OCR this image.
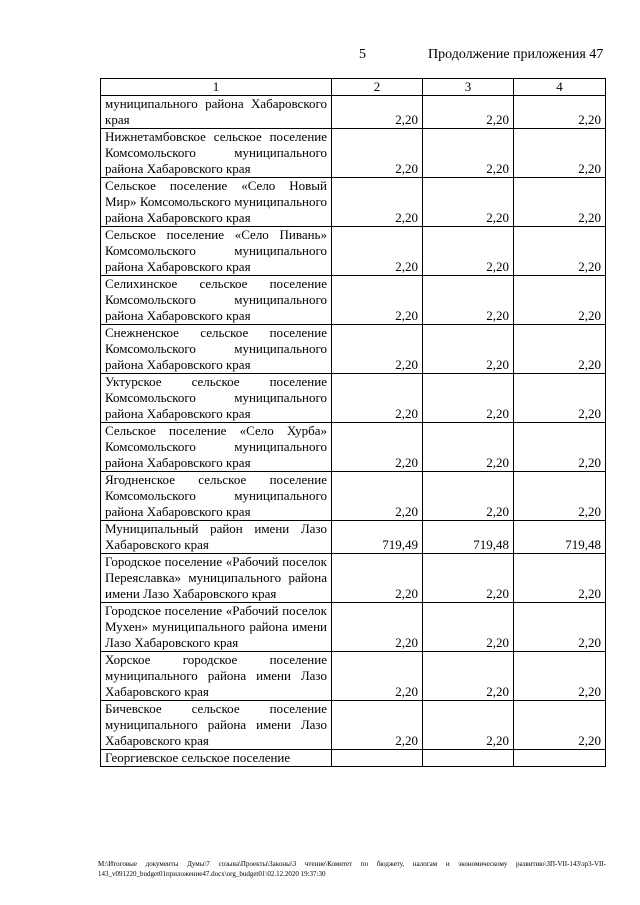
5	Продолжение приложения 47
1	2	3	4
муниципального района Хабаровского края	2,20	2,20	2,20
Нижнетамбовское сельское поселение Комсомольского муниципального района Хабаровского края	2,20	2,20	2,20
Сельское поселение «Село Новый Мир» Комсомольского муниципального района Хабаровского края	2,20	2,20	2,20
Сельское поселение «Село Пивань» Комсомольского муниципального района Хабаровского края	2,20	2,20	2,20
Селихинское сельское поселение Комсомольского муниципального района Хабаровского края	2,20	2,20	2,20
Снежненское сельское поселение Комсомольского муниципального района Хабаровского края	2,20	2,20	2,20
Уктурское сельское поселение Комсомольского муниципального района Хабаровского края	2,20	2,20	2,20
Сельское поселение «Село Хурба» Комсомольского муниципального района Хабаровского края	2,20	2,20	2,20
Ягодненское сельское поселение Комсомольского муниципального района Хабаровского края	2,20	2,20	2,20
Муниципальный район имени Лазо Хабаровского края	719,49	719,48	719,48
Городское поселение «Рабочий поселок Переяславка» муниципального района имени Лазо Хабаровского края	2,20	2,20	2,20
Городское поселение «Рабочий поселок Мухен» муниципального района имени Лазо Хабаровского края	2,20	2,20	2,20
Хорское городское поселение муниципального района имени Лазо Хабаровского края	2,20	2,20	2,20
Бичевское сельское поселение муниципального района имени Лазо Хабаровского края	2,20	2,20	2,20
Георгиевское сельское поселение			
M:\Итоговые документы Думы\7 созыва\Проекты\Законы\3 чтение\Комитет по бюджету, налогам и экономическому развитию\ЗП-VII-143\зр3-VII-143_v091220_budget01приложение47.docx\org_budget01\02.12.2020 19:37:30
